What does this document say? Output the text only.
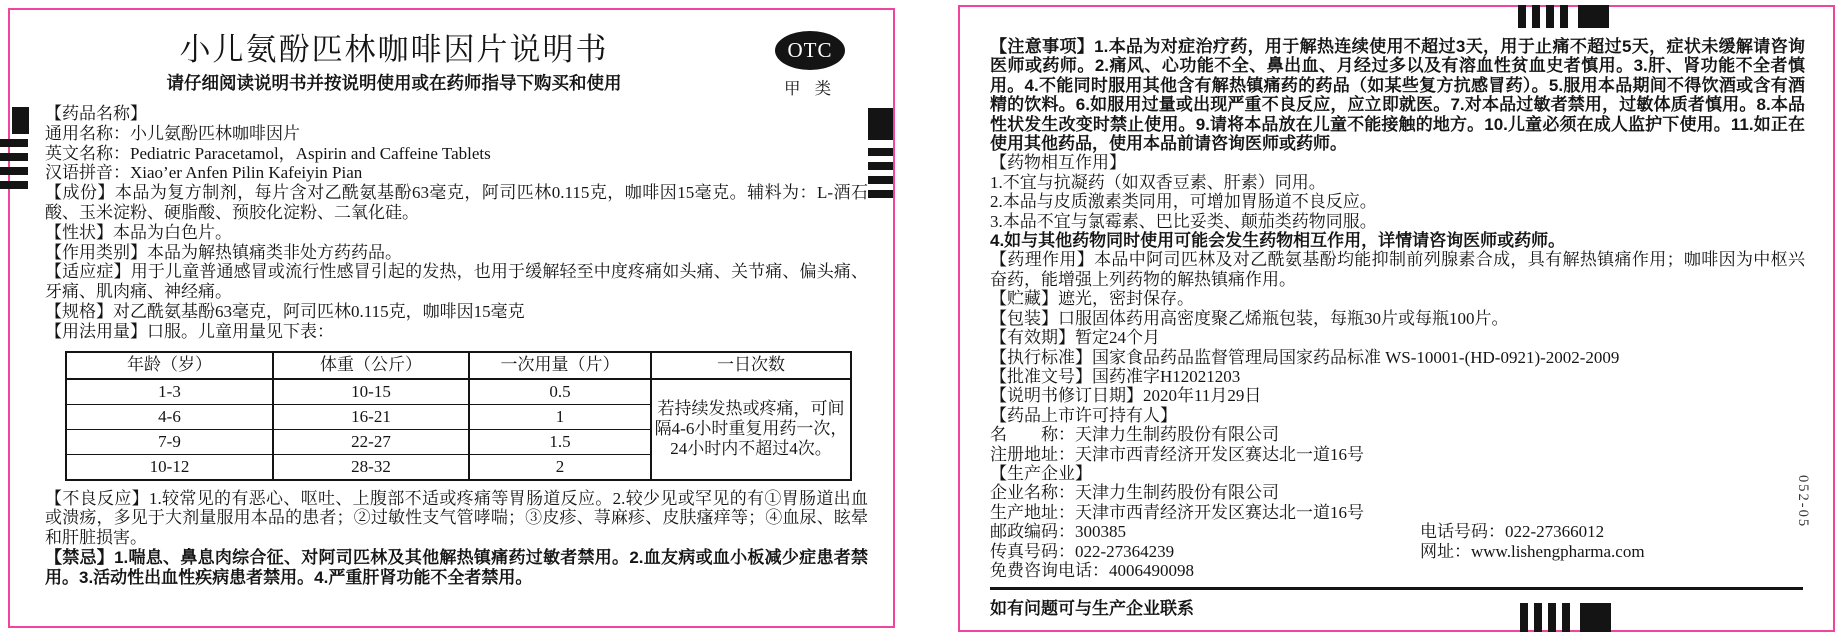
小儿氨酚匹林咖啡因片说明书
请仔细阅读说明书并按说明使用或在药师指导下购买和使用
OTC
甲 类

【药品名称】

通用名称：小儿氨酚匹林咖啡因片

英文名称：Pediatric Paracetamol，Aspirin and Caffeine Tablets

汉语拼音：Xiao’er Anfen Pilin Kafeiyin Pian

【成份】本品为复方制剂，每片含对乙酰氨基酚63毫克，阿司匹林0.115克，咖啡因15毫克。辅料为：L-酒石酸、玉米淀粉、硬脂酸、预胶化淀粉、二氧化硅。

【性状】本品为白色片。

【作用类别】本品为解热镇痛类非处方药药品。

【适应症】用于儿童普通感冒或流行性感冒引起的发热，也用于缓解轻至中度疼痛如头痛、关节痛、偏头痛、牙痛、肌肉痛、神经痛。

【规格】对乙酰氨基酚63毫克，阿司匹林0.115克，咖啡因15毫克

【用法用量】口服。儿童用量见下表：

年龄（岁）	体重（公斤）	一次用量（片）	一日次数
1-3	10-15	0.5	若持续发热或疼痛，可间隔4-6小时重复用药一次，24小时内不超过4次。
4-6	16-21	1	
7-9	22-27	1.5	
10-12	28-32	2	

【不良反应】1.较常见的有恶心、呕吐、上腹部不适或疼痛等胃肠道反应。2.较少见或罕见的有①胃肠道出血或溃疡，多见于大剂量服用本品的患者；②过敏性支气管哮喘；③皮疹、荨麻疹、皮肤瘙痒等；④血尿、眩晕和肝脏损害。

【禁忌】1.喘息、鼻息肉综合征、对阿司匹林及其他解热镇痛药过敏者禁用。2.血友病或血小板减少症患者禁用。3.活动性出血性疾病患者禁用。4.严重肝肾功能不全者禁用。

【注意事项】1.本品为对症治疗药，用于解热连续使用不超过3天，用于止痛不超过5天，症状未缓解请咨询医师或药师。2.痛风、心功能不全、鼻出血、月经过多以及有溶血性贫血史者慎用。3.肝、肾功能不全者慎用。4.不能同时服用其他含有解热镇痛药的药品（如某些复方抗感冒药）。5.服用本品期间不得饮酒或含有酒精的饮料。6.如服用过量或出现严重不良反应，应立即就医。7.对本品过敏者禁用，过敏体质者慎用。8.本品性状发生改变时禁止使用。9.请将本品放在儿童不能接触的地方。10.儿童必须在成人监护下使用。11.如正在使用其他药品，使用本品前请咨询医师或药师。

【药物相互作用】

1.不宜与抗凝药（如双香豆素、肝素）同用。

2.本品与皮质激素类同用，可增加胃肠道不良反应。

3.本品不宜与氯霉素、巴比妥类、颠茄类药物同服。

4.如与其他药物同时使用可能会发生药物相互作用，详情请咨询医师或药师。

【药理作用】本品中阿司匹林及对乙酰氨基酚均能抑制前列腺素合成，具有解热镇痛作用；咖啡因为中枢兴奋药，能增强上列药物的解热镇痛作用。

【贮藏】遮光，密封保存。

【包装】口服固体药用高密度聚乙烯瓶包装，每瓶30片或每瓶100片。

【有效期】暂定24个月

【执行标准】国家食品药品监督管理局国家药品标准 WS-10001-(HD-0921)-2002-2009

【批准文号】国药准字H12021203

【说明书修订日期】2020年11月29日

【药品上市许可持有人】

名　　称：天津力生制药股份有限公司

注册地址：天津市西青经济开发区赛达北一道16号

【生产企业】

企业名称：天津力生制药股份有限公司

生产地址：天津市西青经济开发区赛达北一道16号

邮政编码：300385	电话号码：022-27366012

传真号码：022-27364239	网址：www.lishengpharma.com

免费咨询电话：4006490098

如有问题可与生产企业联系

052-05
